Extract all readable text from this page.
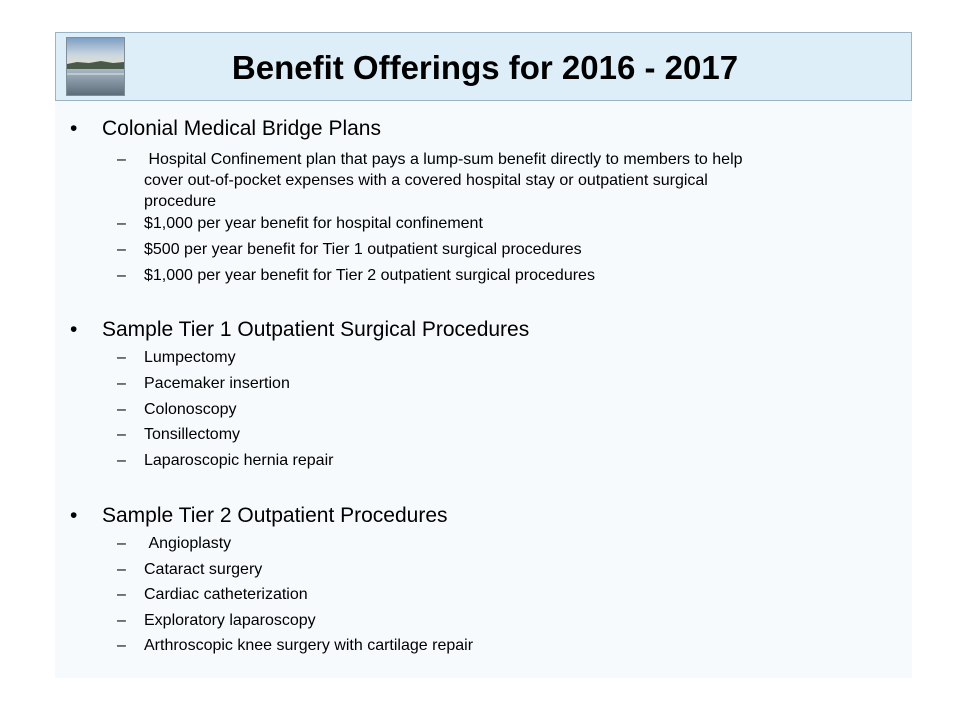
Benefit Offerings for 2016 - 2017
•	Colonial Medical Bridge Plans
–	Hospital Confinement plan that pays a lump-sum benefit directly to members to help cover out-of-pocket expenses with a covered hospital stay or outpatient surgical procedure
–	$1,000 per year benefit for hospital confinement
–	$500 per year benefit for Tier 1 outpatient surgical procedures
–	$1,000 per year benefit for Tier 2 outpatient surgical procedures
•	Sample Tier 1 Outpatient Surgical Procedures
–	Lumpectomy
–	Pacemaker insertion
–	Colonoscopy
–	Tonsillectomy
–	Laparoscopic hernia repair
•	Sample Tier 2 Outpatient Procedures
–	Angioplasty
–	Cataract surgery
–	Cardiac catheterization
–	Exploratory laparoscopy
–	Arthroscopic knee surgery with cartilage repair
